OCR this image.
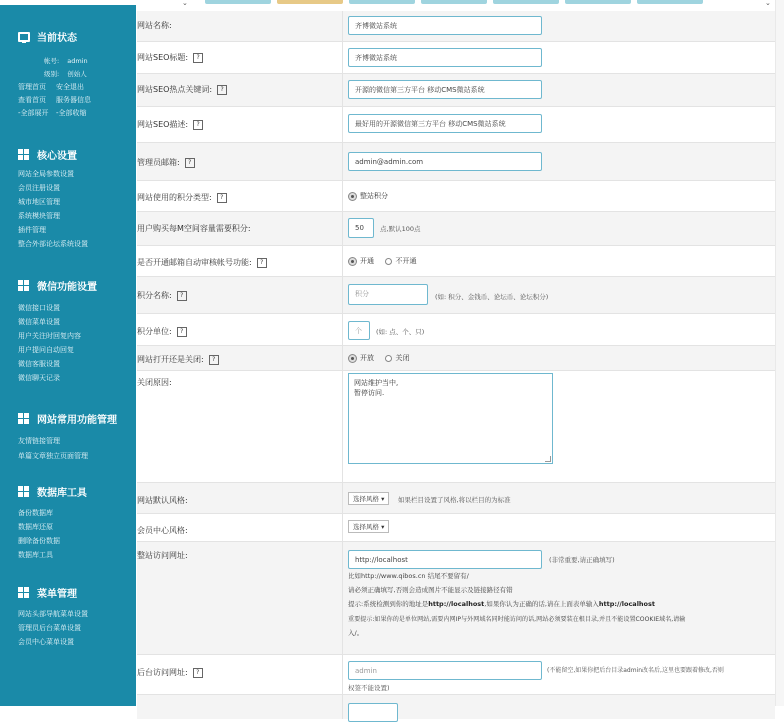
⌄	⌄
当前状态
帐号: admin
级别: 创始人
管理首页 安全退出
查看首页 服务器信息
-全部展开 -全部收缩
核心设置
网站全局参数设置
会员注册设置
城市地区管理
系统模块管理
插件管理
整合外部论坛系统设置
微信功能设置
微信接口设置
微信菜单设置
用户关注时回复内容
用户提问自动回复
微信客服设置
微信聊天记录
网站常用功能管理
友情链接管理
单篇文章独立页面管理
数据库工具
备份数据库
数据库还原
删除备份数据
数据库工具
菜单管理
网站头部导航菜单设置
管理员后台菜单设置
会员中心菜单设置
网站名称:	齐博微站系统
网站SEO标题: ?	齐博微站系统
网站SEO热点关键词: ?	开源的微信第三方平台 移动CMS微站系统
网站SEO描述: ?	最好用的开源微信第三方平台 移动CMS微站系统
管理员邮箱: ?	admin@admin.com
网站使用的积分类型: ?	整站积分
用户购买每M空间容量需要积分:	50	点,默认100点
是否开通邮箱自动审核帐号功能: ?	开通
	不开通
积分名称: ?	积分	(如: 积分、金钱币、论坛币、论坛积分)
积分单位: ?	个	(如: 点、个、只)
网站打开还是关闭: ?	开放
	关闭
关闭原因:	网站维护当中,
暂停访问.
网站默认风格:	选择风格 ▾	如果栏目设置了风格,将以栏目的为标准
会员中心风格:	选择风格 ▾
整站访问网址:	http://localhost	(非常重要,请正确填写)
比如http://www.qibos.cn 结尾不要留有/
请必须正确填写,否则会造成图片不能显示及链接路径有错
提示:系统检测到你的地址是http://localhost,如果你认为正确的话,请在上面表单输入http://localhost
重要提示:如果你的是单位网站,需要内网IP与外网域名同时能访问的话,网站必须要装在根目录,并且不能设置COOKIE域名,请输
入/。
后台访问网址: ?	admin	(不能留空,如果你把后台目录admin改名后,这里也要跟着修改,否则
权签不能设置)
